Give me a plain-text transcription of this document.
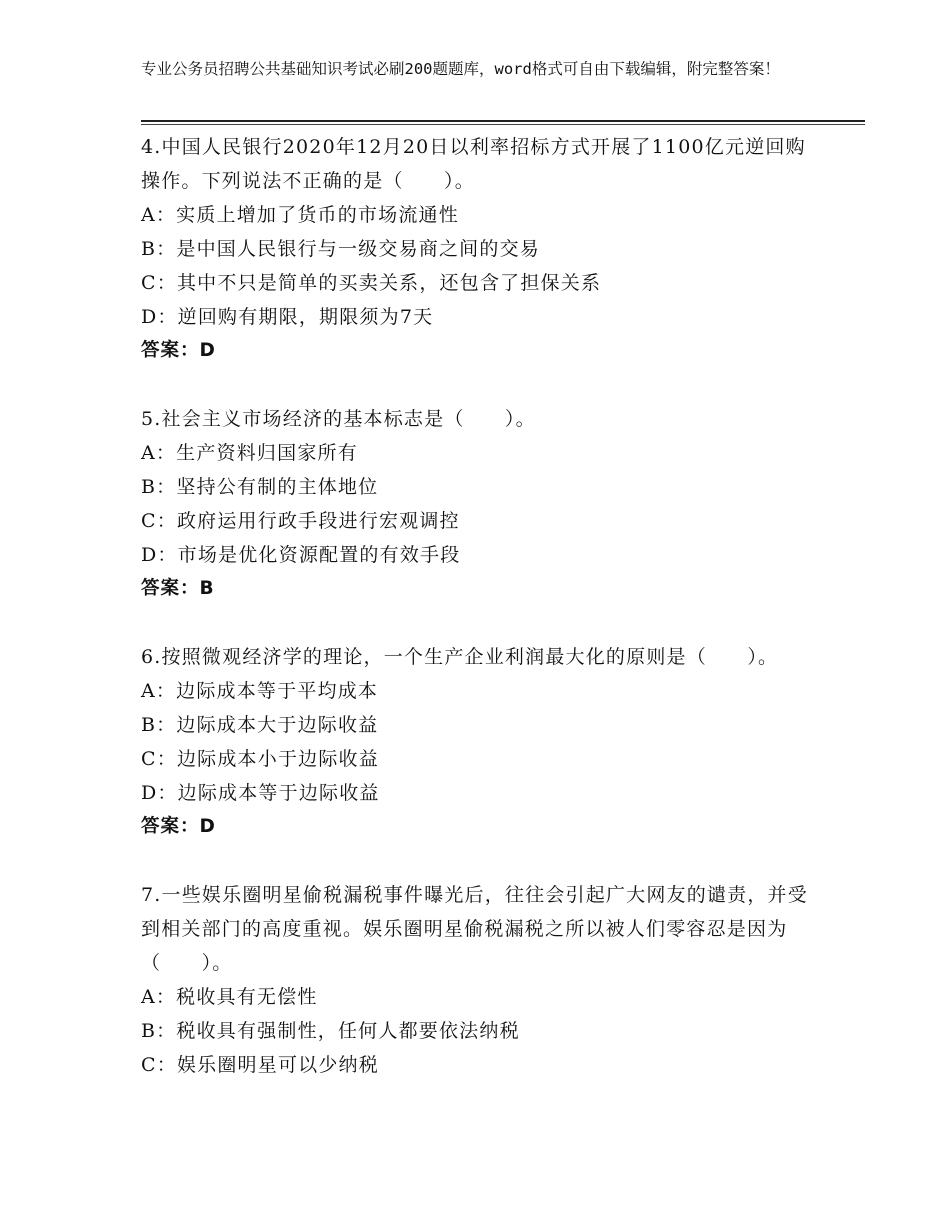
专业公务员招聘公共基础知识考试必刷200题题库，word格式可自由下载编辑，附完整答案！
4.中国人民银行2020年12月20日以利率招标方式开展了1100亿元逆回购操作。下列说法不正确的是（　　）。
A：实质上增加了货币的市场流通性
B：是中国人民银行与一级交易商之间的交易
C：其中不只是简单的买卖关系，还包含了担保关系
D：逆回购有期限，期限须为7天
答案：D
5.社会主义市场经济的基本标志是（　　）。
A：生产资料归国家所有
B：坚持公有制的主体地位
C：政府运用行政手段进行宏观调控
D：市场是优化资源配置的有效手段
答案：B
6.按照微观经济学的理论，一个生产企业利润最大化的原则是（　　）。
A：边际成本等于平均成本
B：边际成本大于边际收益
C：边际成本小于边际收益
D：边际成本等于边际收益
答案：D
7.一些娱乐圈明星偷税漏税事件曝光后，往往会引起广大网友的谴责，并受到相关部门的高度重视。娱乐圈明星偷税漏税之所以被人们零容忍是因为（　　）。
A：税收具有无偿性
B：税收具有强制性，任何人都要依法纳税
C：娱乐圈明星可以少纳税
